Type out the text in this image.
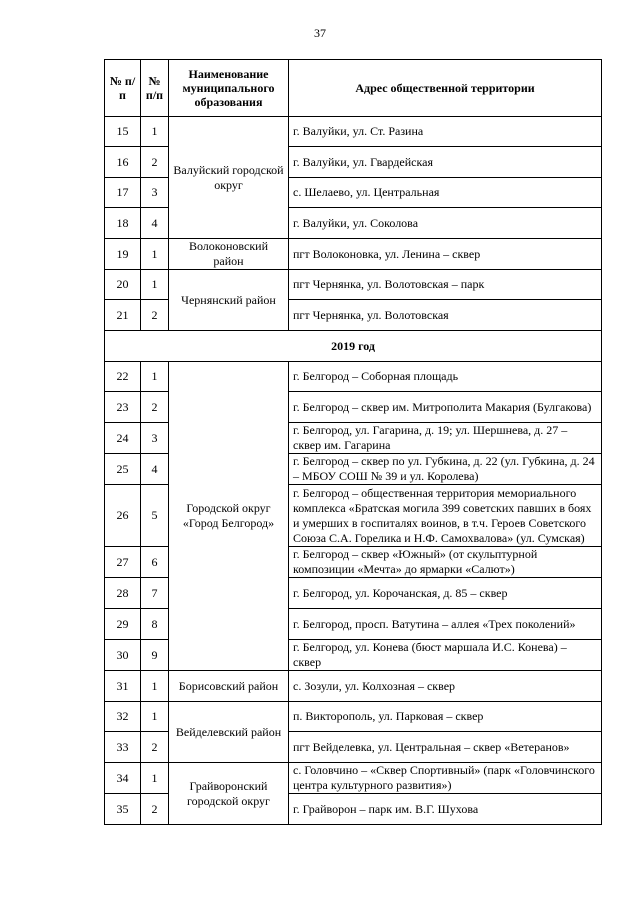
37
№ п/п	№ п/п	Наименование муниципального образования	Адрес общественной территории
15	1	Валуйский городской округ	г. Валуйки, ул. Ст. Разина
16	2		г. Валуйки, ул. Гвардейская
17	3		с. Шелаево, ул. Центральная
18	4		г. Валуйки, ул. Соколова
19	1	Волоконовский район	пгт Волоконовка, ул. Ленина – сквер
20	1	Чернянский район	пгт Чернянка, ул. Волотовская – парк
21	2		пгт Чернянка, ул. Волотовская
2019 год			
22	1	Городской округ «Город Белгород»	г. Белгород – Соборная площадь
23	2		г. Белгород – сквер им. Митрополита Макария (Булгакова)
24	3		г. Белгород, ул. Гагарина, д. 19; ул. Шершнева, д. 27 – сквер им. Гагарина
25	4		г. Белгород – сквер по ул. Губкина, д. 22 (ул. Губкина, д. 24 – МБОУ СОШ № 39 и ул. Королева)
26	5		г. Белгород – общественная территория мемориального комплекса «Братская могила 399 советских павших в боях и умерших в госпиталях воинов, в т.ч. Героев Советского Союза С.А. Горелика и Н.Ф. Самохвалова» (ул. Сумская)
27	6		г. Белгород – сквер «Южный» (от скульптурной композиции «Мечта» до ярмарки «Салют»)
28	7		г. Белгород, ул. Корочанская, д. 85 – сквер
29	8		г. Белгород, просп. Ватутина – аллея «Трех поколений»
30	9		г. Белгород, ул. Конева (бюст маршала И.С. Конева) – сквер
31	1	Борисовский район	с. Зозули, ул. Колхозная – сквер
32	1	Вейделевский район	п. Викторополь, ул. Парковая – сквер
33	2		пгт Вейделевка, ул. Центральная – сквер «Ветеранов»
34	1	Грайворонский городской округ	с. Головчино – «Сквер Спортивный» (парк «Головчинского центра культурного развития»)
35	2		г. Грайворон – парк им. В.Г. Шухова
